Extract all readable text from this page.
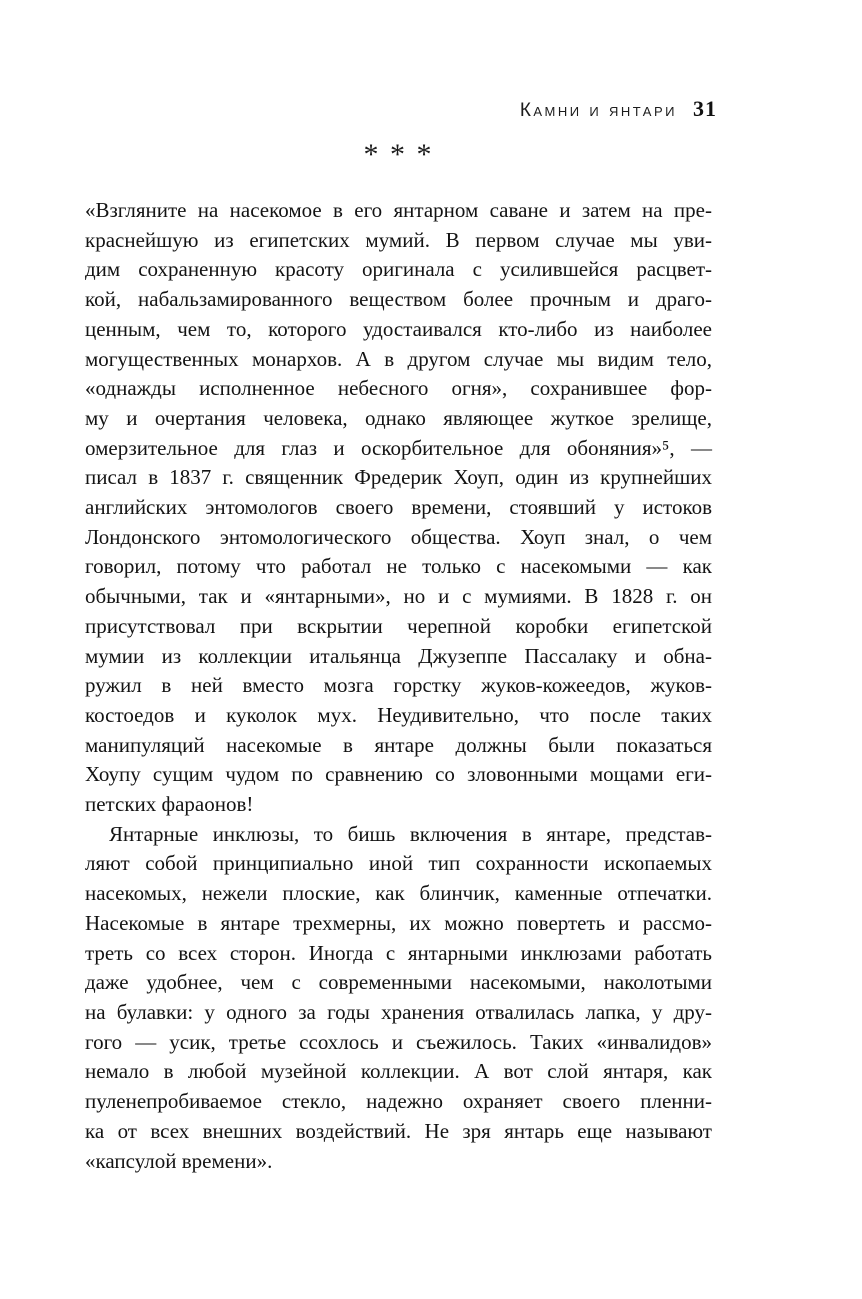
Камни и янтари 31
* * *
«Взгляните на насекомое в его янтарном саване и затем на пре-
краснейшую из египетских мумий. В первом случае мы уви-
дим сохраненную красоту оригинала с усилившейся расцвет-
кой, набальзамированного веществом более прочным и драго-
ценным, чем то, которого удостаивался кто-либо из наиболее
могущественных монархов. А в другом случае мы видим тело,
«однажды исполненное небесного огня», сохранившее фор-
му и очертания человека, однако являющее жуткое зрелище,
омерзительное для глаз и оскорбительное для обоняния»⁵, —
писал в 1837 г. священник Фредерик Хоуп, один из крупнейших
английских энтомологов своего времени, стоявший у истоков
Лондонского энтомологического общества. Хоуп знал, о чем
говорил, потому что работал не только с насекомыми — как
обычными, так и «янтарными», но и с мумиями. В 1828 г. он
присутствовал при вскрытии черепной коробки египетской
мумии из коллекции итальянца Джузеппе Пассалаку и обна-
ружил в ней вместо мозга горстку жуков-кожеедов, жуков-
костоедов и куколок мух. Неудивительно, что после таких
манипуляций насекомые в янтаре должны были показаться
Хоупу сущим чудом по сравнению со зловонными мощами еги-
петских фараонов!
Янтарные инклюзы, то бишь включения в янтаре, представ-
ляют собой принципиально иной тип сохранности ископаемых
насекомых, нежели плоские, как блинчик, каменные отпечатки.
Насекомые в янтаре трехмерны, их можно повертеть и рассмо-
треть со всех сторон. Иногда с янтарными инклюзами работать
даже удобнее, чем с современными насекомыми, наколотыми
на булавки: у одного за годы хранения отвалилась лапка, у дру-
гого — усик, третье ссохлось и съежилось. Таких «инвалидов»
немало в любой музейной коллекции. А вот слой янтаря, как
пуленепробиваемое стекло, надежно охраняет своего пленни-
ка от всех внешних воздействий. Не зря янтарь еще называют
«капсулой времени».
